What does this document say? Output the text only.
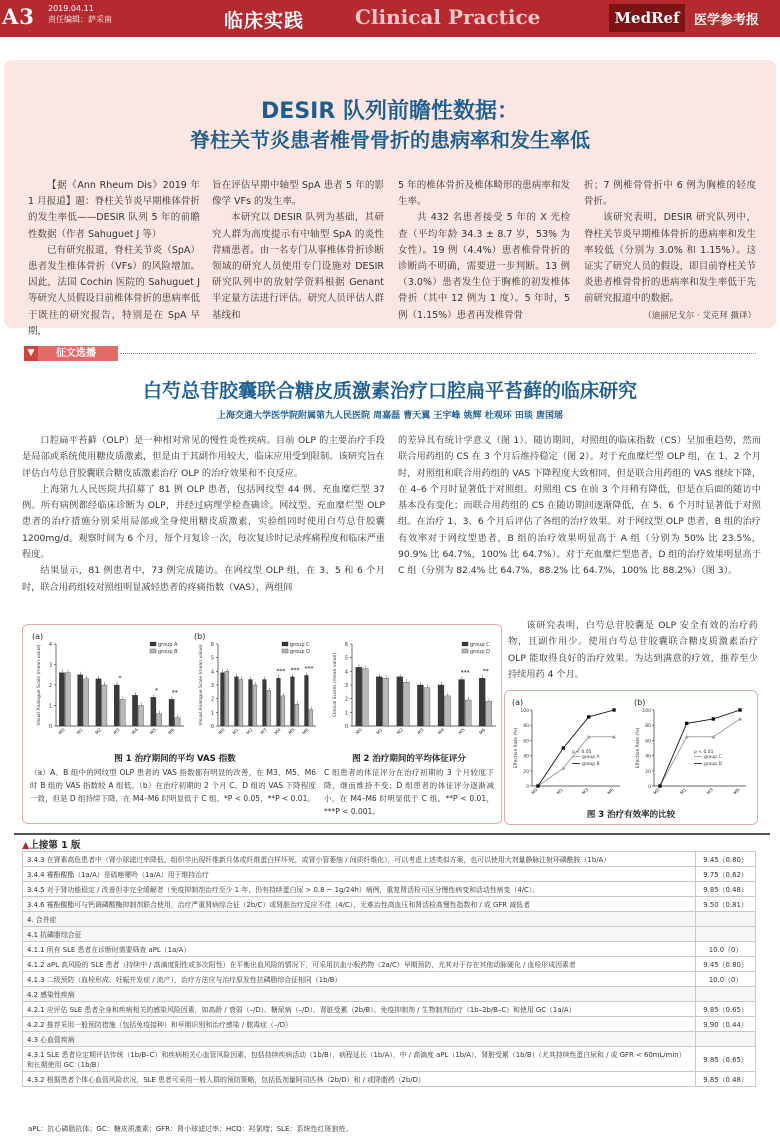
A3 2019.04.11
责任编辑：萨采南	临床实践	Clinical Practice	MedRef	医学参考报
DESIR 队列前瞻性数据：
脊柱关节炎患者椎骨骨折的患病率和发生率低

【据《Ann Rheum Dis》2019 年 1 月报道】题：脊柱关节炎早期椎体骨折的发生率低——DESIR 队列 5 年的前瞻性数据（作者 Sahuguet J 等）

已有研究报道，脊柱关节炎（SpA）患者发生椎体骨折（VFs）的风险增加。因此，法国 Cochin 医院的 Sahuguet J 等研究人员假设目前椎体骨折的患病率低于既往的研究报告，特别是在 SpA 早期，

旨在评估早期中轴型 SpA 患者 5 年的影像学 VFs 的发生率。

本研究以 DESIR 队列为基础，其研究人群为高度提示有中轴型 SpA 的炎性背痛患者。由一名专门从事椎体骨折诊断领域的研究人员使用专门设施对 DESIR 研究队列中的放射学资料根据 Genant 半定量方法进行评估。研究人员评估人群基线和

5 年的椎体骨折及椎体畸形的患病率和发生率。

共 432 名患者接受 5 年的 X 光检查（平均年龄 34.3 ± 8.7 岁，53% 为女性）。19 例（4.4%）患者椎骨骨折的诊断尚不明确，需要进一步判断。13 例（3.0%）患者发生位于胸椎的初发椎体骨折（其中 12 例为 1 度）。5 年时，5 例（1.15%）患者再发椎骨骨

折；7 例椎骨骨折中 6 例为胸椎的轻度骨折。

该研究表明，DESIR 研究队列中，脊柱关节炎早期椎体骨折的患病率和发生率较低（分别为 3.0% 和 1.15%）。这证实了研究人员的假设，即目前脊柱关节炎患者椎骨骨折的患病率和发生率低于先前研究报道中的数据。

（迪丽尼戈尔 · 艾克拜 摄译）

▼	征文选播
白芍总苷胶囊联合糖皮质激素治疗口腔扁平苔藓的临床研究
上海交通大学医学院附属第九人民医院 周嘉磊 曹天翼 王宇峰 姚辉 杜观环 田琰 唐国瑶

口腔扁平苔藓（OLP）是一种相对常见的慢性炎性疾病。目前 OLP 的主要治疗手段是局部或系统使用糖皮质激素，但是由于其副作用较大，临床应用受到限制。该研究旨在评估白芍总苷胶囊联合糖皮质激素治疗 OLP 的治疗效果和不良反应。

上海第九人民医院共招募了 81 例 OLP 患者，包括网纹型 44 例、充血糜烂型 37 例。所有病例都经临床诊断为 OLP，并经过病理学检查确诊。网纹型、充血糜烂型 OLP 患者的治疗措施分别采用局部或全身使用糖皮质激素，实验组同时使用白芍总苷胶囊 1200mg/d。观察时间为 6 个月，每个月复诊一次，每次复诊时记录疼痛程度和临床严重程度。

结果显示，81 例患者中，73 例完成随访。在网纹型 OLP 组，在 3、5 和 6 个月时，联合用药组较对照组明显减轻患者的疼痛指数（VAS），两组间

的差异具有统计学意义（图 1）。随访期间，对照组的临床指数（CS）呈加重趋势，然而联合用药组的 CS 在 3 个月后维持稳定（图 2）。对于充血糜烂型 OLP 组，在 1、2 个月时，对照组和联合用药组的 VAS 下降程度大致相同，但是联合用药组的 VAS 继续下降，在 4–6 个月时显著低于对照组。对照组 CS 在前 3 个月稍有降低，但是在后面的随访中基本没有变化；而联合用药组的 CS 在随访期间逐渐降低，在 5、6 个月时显著低于对照组。在治疗 1、3、6 个月后评估了各组的治疗效果。对于网纹型 OLP 患者，B 组的治疗有效率对于网纹型患者，B 组的治疗效果明显高于 A 组（分别为 50% 比 23.5%，90.9% 比 64.7%，100% 比 64.7%）。对于充血糜烂型患者，D 组的治疗效果明显高于 C 组（分别为 82.4% 比 64.7%，88.2% 比 64.7%，100% 比 88.2%）（图 3）。

0
1
2
3
4
(a)
Visual Analogue Scale (mean value)
M0 M1 M2 M3
*
M4 M5
*
M6
**
group A
group B
0
1
2
3
4
5
6
(b)
Visual Analogue Scale (mean value)
M0 M1 M2 M3 M4
***
M5
***
M6
***
group C
group D
0
1
2
3
4
5
6
Clinical Scores (mean value)
M0	M1	M2	M3	M4	M5
***
M6
**
group C
group D
图 1 治疗期间的平均 VAS 指数	图 2 治疗期间的平均体征评分
（a）A、B 组中的网纹型 OLP 患者的 VAS 指数都有明显的改善，在 M3、M5、M6 时 B 组的 VAS 指数较 A 组低。（b）在治疗初期的 2 个月 C、D 组的 VAS 下降程度一致，但是 D 组持续下降，在 M4–M6 时明显低于 C 组。*P < 0.05，**P < 0.01。
C 组患者的体征评分在治疗初期的 3 个月较度下降，继而维持不变；D 组患者的体征评分逐渐减小，在 M4–M6 时明显低于 C 组。**P < 0.01，***P < 0.001。

该研究表明，白芍总苷胶囊是 OLP 安全有效的治疗药物，且副作用少。使用白芍总苷胶囊联合糖皮质激素治疗 OLP 能取得良好的治疗效果。为达到满意的疗效，推荐至少持续用药 4 个月。

0
20
40
60
80
100
(a)
Effective Rate (%)
M0	M1	M3	M6
group A
group B
p < 0.05
0
20
40
60
80
100
(b)
Effective Rate (%)
M0	M1	M3	M6
group C
group D
p < 0.01
图 3 治疗有效率的比较
▲上接第 1 版
3.4.3 在肾素高危患者中（肾小球滤过率降低，组织学出现纤维新月体或纤维蛋白样坏死，或肾小管萎缩 / 间质纤维化），可以考虑上述类似方案，也可以使用大剂量静脉注射环磷酰胺（1b/A）	9.45（0.80）
3.4.4 霉酚酸酯（1a/A）是硫唑嘌呤（1a/A）用于维持治疗	9.75（0.62）
3.4.5 对于肾功能稳定 / 改善但非完全缓解者（免疫抑制剂治疗至少 1 年，仍有持续蛋白尿 > 0.8 ~ 1g/24h）病例，重复肾活检可区分慢性病变和活动性病变（4/C）。	9.85（0.48）
3.4.6 霉酚酸酯可与钙调磷酸酶抑制剂联合使用，治疗严重肾病综合征（2b/C）或肾脏治疗反应不佳（4/C），无难治性高血压和肾活检高慢性指数和 / 或 GFR 减低者	9.50（0.81）
4. 合并症	
4.1 抗磷脂综合征	
4.1.1 所有 SLE 患者在诊断时需要筛查 aPL（1a/A）	10.0（0）
4.1.2 aPL 高风险的 SLE 患者（持续中 / 高滴度阳性或多次阳性）在平衡出血风险的情况下，可采用抗血小板药物（2a/C）早期预防，尤其对于存在其他动脉硬化 / 血栓形成因素者	9.45（0.80）
4.1.3 二级预防（血栓形成、妊娠并发症 / 流产），治疗方法应与治疗原发性抗磷脂综合征相同（1b/B）	10.0（0）
4.2 感染性疾病	
4.2.1 应评估 SLE 患者全身和疾病相关的感染风险因素，如高龄 / 衰弱（–/D）、糖尿病（–/D）、肾脏受累（2b/B）、免疫抑制剂 / 生物制剂治疗（1b–2b/B–C）和使用 GC（1a/A）	9.85（0.65）
4.2.2 推荐采用一般预防措施（包括免疫接种）和早期识别和治疗感染 / 脓毒症（–/D）	9.90（0.44）
4.3 心血管疾病	
4.3.1 SLE 患者应定期评估传统（1b/B–C）和疾病相关心血管风险因素，包括持续疾病活动（1b/B），病程延长（1b/A），中 / 高滴度 aPL（1b/A），肾脏受累（1b/B）（尤其持续性蛋白尿和 / 或 GFR < 60mL/min）和长期使用 GC（1b/B）	9.85（0.65）
4.3.2 根据患者个体心血管风险状况，SLE 患者可采用一般人群的预防策略，包括低剂量阿司匹林（2b/D）和 / 或降脂药（2b/D）	9.85（0.48）
aPL：抗心磷脂抗体；GC：糖皮质激素；GFR：肾小球滤过率；HCQ：羟氯喹；SLE：系统性红斑狼疮。
